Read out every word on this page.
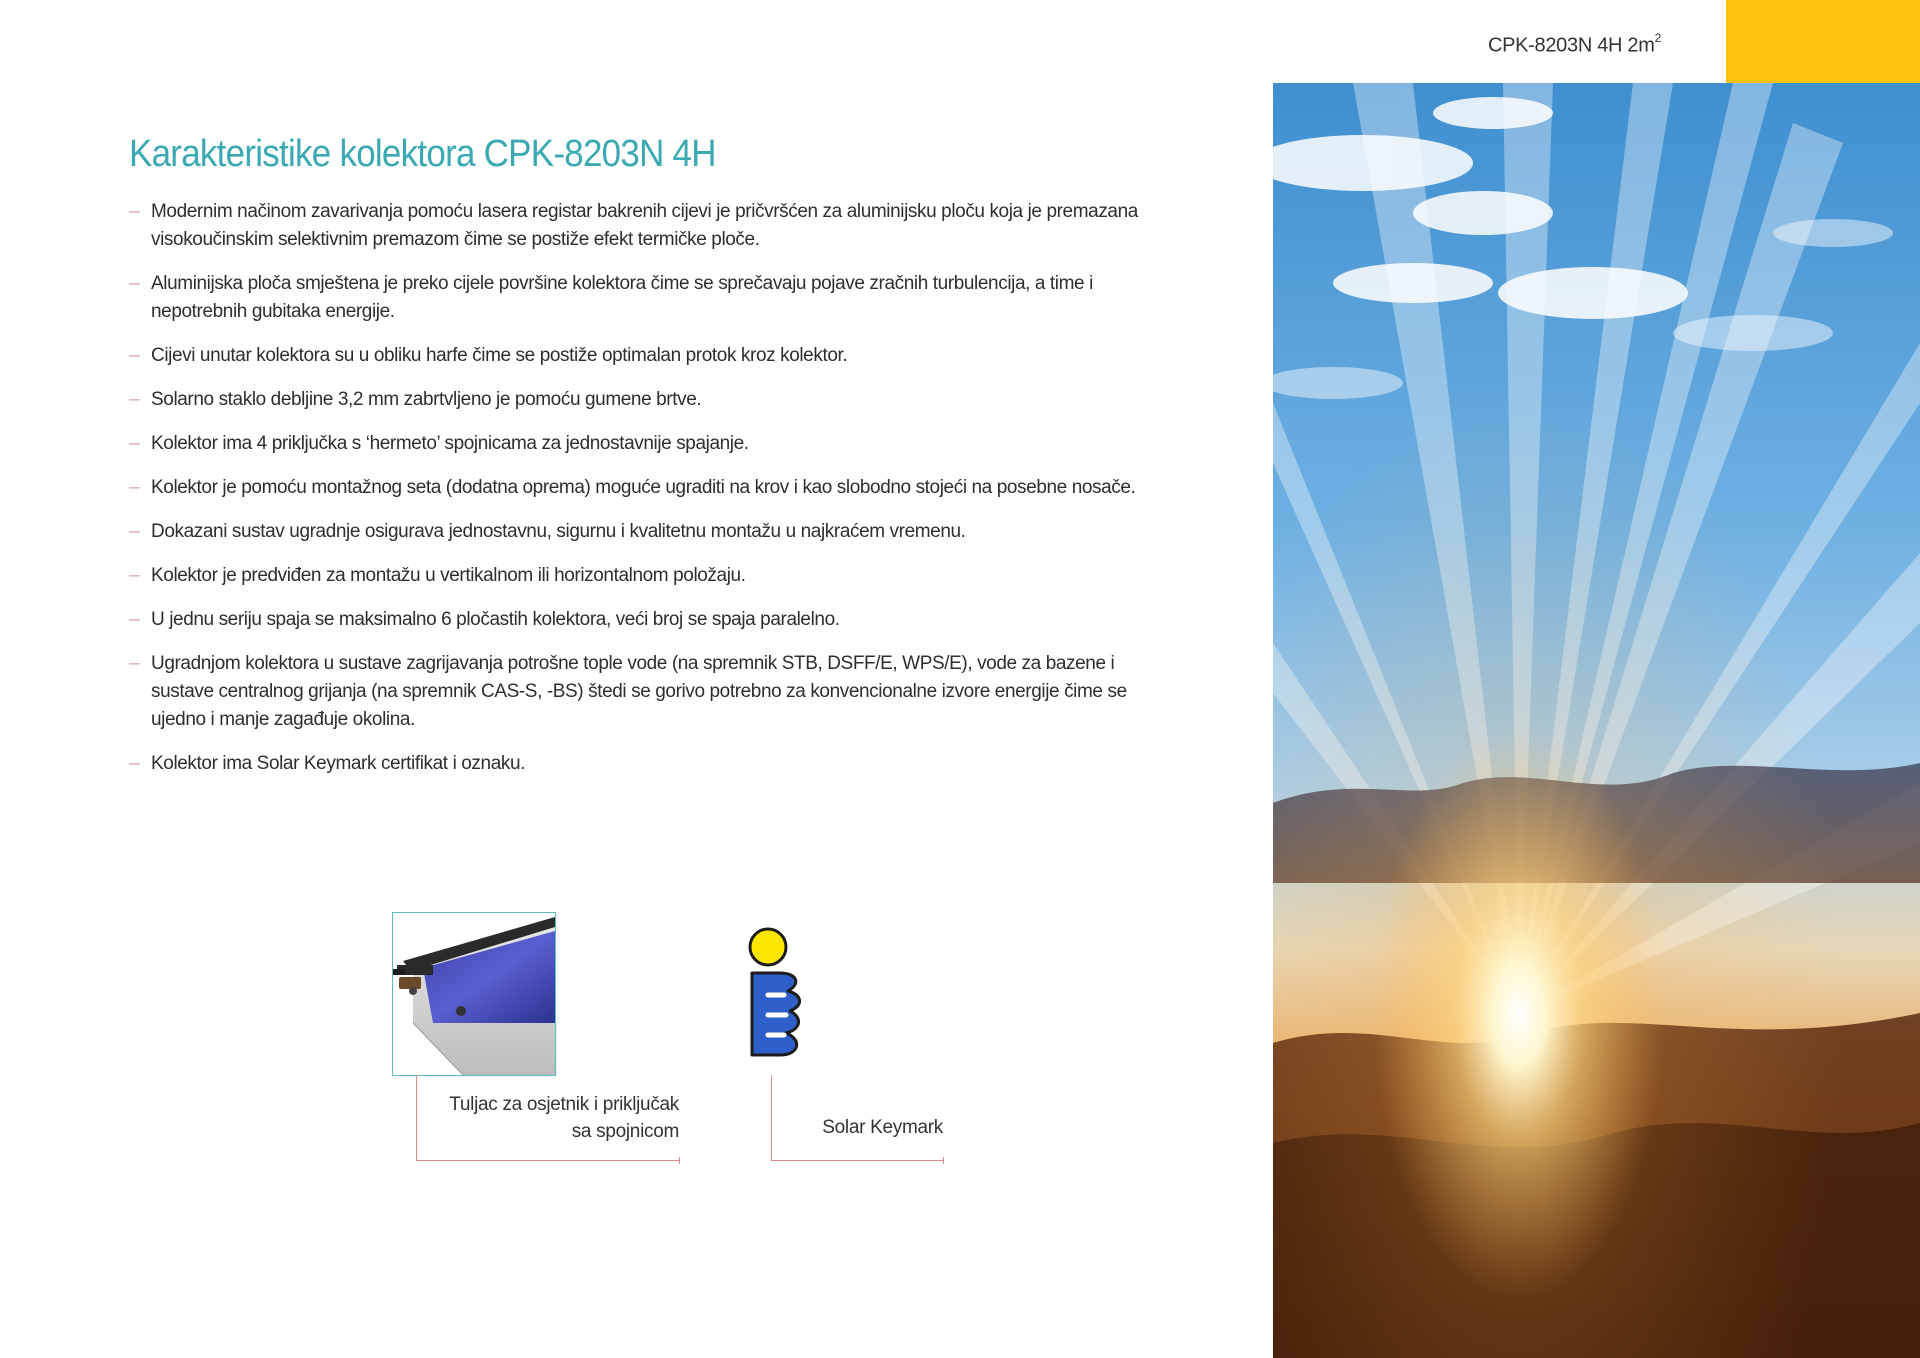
CPK-8203N 4H $2m^2$
Karakteristike kolektora CPK-8203N 4H
– Modernim načinom zavarivanja pomoću lasera registar bakrenih cijevi je pričvršćen za aluminijsku ploču koja je premazana visokoučinskim selektivnim premazom čime se postiže efekt termičke ploče.
– Aluminijska ploča smještena je preko cijele površine kolektora čime se sprečavaju pojave zračnih turbulencija, a time i nepotrebnih gubitaka energije.
– Cijevi unutar kolektora su u obliku harfe čime se postiže optimalan protok kroz kolektor.
– Solarno staklo debljine 3,2 mm zabrtvljeno je pomoću gumene brtve.
– Kolektor ima 4 priključka s ‘hermeto’ spojnicama za jednostavnije spajanje.
– Kolektor je pomoću montažnog seta (dodatna oprema) moguće ugraditi na krov i kao slobodno stojeći na posebne nosače.
– Dokazani sustav ugradnje osigurava jednostavnu, sigurnu i kvalitetnu montažu u najkraćem vremenu.
– Kolektor je predviđen za montažu u vertikalnom ili horizontalnom položaju.
– U jednu seriju spaja se maksimalno 6 pločastih kolektora, veći broj se spaja paralelno.
– Ugradnjom kolektora u sustave zagrijavanja potrošne tople vode (na spremnik STB, DSFF/E, WPS/E), vode za bazene i sustave centralnog grijanja (na spremnik CAS-S, -BS) štedi se gorivo potrebno za konvencionalne izvore energije čime se ujedno i manje zagađuje okolina.
– Kolektor ima Solar Keymark certifikat i oznaku.
Tuljac za osjetnik i priključak sa spojnicom	Solar Keymark
